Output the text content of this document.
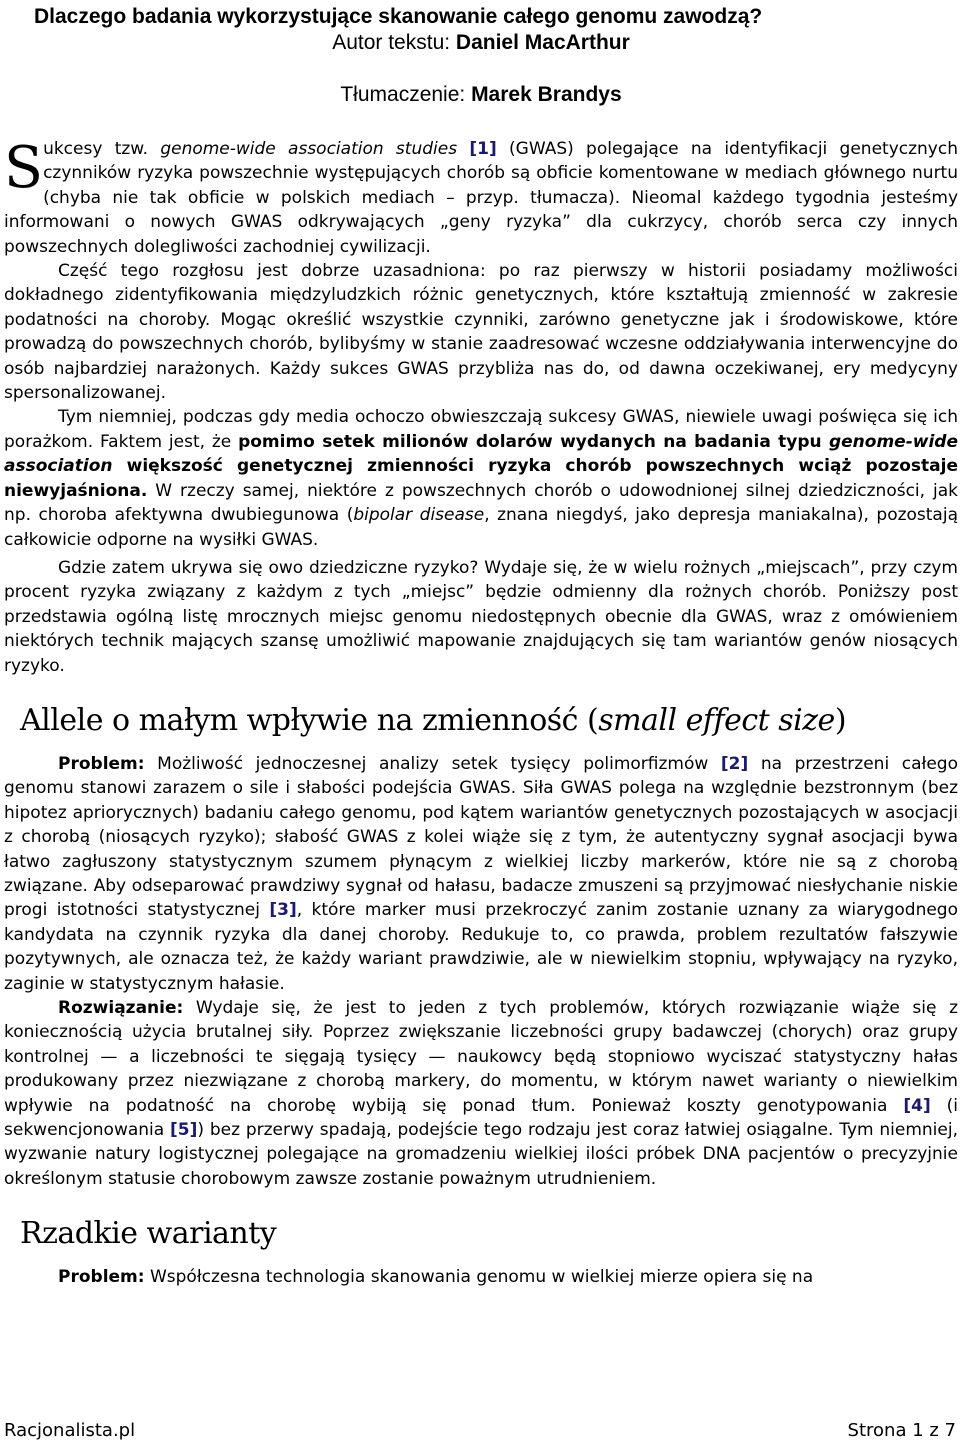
Dlaczego badania wykorzystujące skanowanie całego genomu zawodzą?
Autor tekstu: Daniel MacArthur
Tłumaczenie: Marek Brandys

Sukcesy tzw. genome-wide association studies [1] (GWAS) polegające na identyfikacji genetycznych czynników ryzyka powszechnie występujących chorób są obficie komentowane w mediach głównego nurtu (chyba nie tak obficie w polskich mediach – przyp. tłumacza). Nieomal każdego tygodnia jesteśmy informowani o nowych GWAS odkrywających „geny ryzyka” dla cukrzycy, chorób serca czy innych powszechnych dolegliwości zachodniej cywilizacji.

Część tego rozgłosu jest dobrze uzasadniona: po raz pierwszy w historii posiadamy możliwości dokładnego zidentyfikowania międzyludzkich różnic genetycznych, które kształtują zmienność w zakresie podatności na choroby. Mogąc określić wszystkie czynniki, zarówno genetyczne jak i środowiskowe, które prowadzą do powszechnych chorób, bylibyśmy w stanie zaadresować wczesne oddziaływania interwencyjne do osób najbardziej narażonych. Każdy sukces GWAS przybliża nas do, od dawna oczekiwanej, ery medycyny spersonalizowanej.

Tym niemniej, podczas gdy media ochoczo obwieszczają sukcesy GWAS, niewiele uwagi poświęca się ich porażkom. Faktem jest, że pomimo setek milionów dolarów wydanych na badania typu genome-wide association większość genetycznej zmienności ryzyka chorób powszechnych wciąż pozostaje niewyjaśniona. W rzeczy samej, niektóre z powszechnych chorób o udowodnionej silnej dziedziczności, jak np. choroba afektywna dwubiegunowa (bipolar disease, znana niegdyś, jako depresja maniakalna), pozostają całkowicie odporne na wysiłki GWAS.

Gdzie zatem ukrywa się owo dziedziczne ryzyko? Wydaje się, że w wielu rożnych „miejscach”, przy czym procent ryzyka związany z każdym z tych „miejsc” będzie odmienny dla rożnych chorób. Poniższy post przedstawia ogólną listę mrocznych miejsc genomu niedostępnych obecnie dla GWAS, wraz z omówieniem niektórych technik mających szansę umożliwić mapowanie znajdujących się tam wariantów genów niosących ryzyko.

Allele o małym wpływie na zmienność (small effect size)

Problem: Możliwość jednoczesnej analizy setek tysięcy polimorfizmów [2] na przestrzeni całego genomu stanowi zarazem o sile i słabości podejścia GWAS. Siła GWAS polega na względnie bezstronnym (bez hipotez apriorycznych) badaniu całego genomu, pod kątem wariantów genetycznych pozostających w asocjacji z chorobą (niosących ryzyko); słabość GWAS z kolei wiąże się z tym, że autentyczny sygnał asocjacji bywa łatwo zagłuszony statystycznym szumem płynącym z wielkiej liczby markerów, które nie są z chorobą związane. Aby odseparować prawdziwy sygnał od hałasu, badacze zmuszeni są przyjmować niesłychanie niskie progi istotności statystycznej [3], które marker musi przekroczyć zanim zostanie uznany za wiarygodnego kandydata na czynnik ryzyka dla danej choroby. Redukuje to, co prawda, problem rezultatów fałszywie pozytywnych, ale oznacza też, że każdy wariant prawdziwie, ale w niewielkim stopniu, wpływający na ryzyko, zaginie w statystycznym hałasie.

Rozwiązanie: Wydaje się, że jest to jeden z tych problemów, których rozwiązanie wiąże się z koniecznością użycia brutalnej siły. Poprzez zwiększanie liczebności grupy badawczej (chorych) oraz grupy kontrolnej — a liczebności te sięgają tysięcy — naukowcy będą stopniowo wyciszać statystyczny hałas produkowany przez niezwiązane z chorobą markery, do momentu, w którym nawet warianty o niewielkim wpływie na podatność na chorobę wybiją się ponad tłum. Ponieważ koszty genotypowania [4] (i sekwencjonowania [5]) bez przerwy spadają, podejście tego rodzaju jest coraz łatwiej osiągalne. Tym niemniej, wyzwanie natury logistycznej polegające na gromadzeniu wielkiej ilości próbek DNA pacjentów o precyzyjnie określonym statusie chorobowym zawsze zostanie poważnym utrudnieniem.

Rzadkie warianty

Problem: Współczesna technologia skanowania genomu w wielkiej mierze opiera się na

Racjonalista.pl	Strona 1 z 7
